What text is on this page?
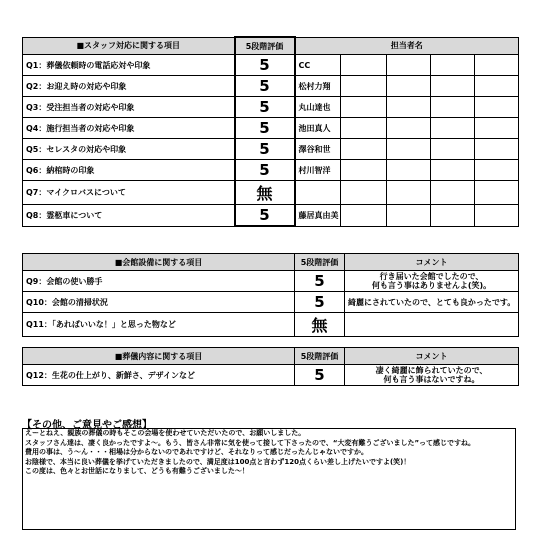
■スタッフ対応に関する項目	5段階評価	担当者名				
Q1：葬儀依頼時の電話応対や印象	5	CC				
Q2：お迎え時の対応や印象	5	松村力翔				
Q3：受注担当者の対応や印象	5	丸山達也				
Q4：施行担当者の対応や印象	5	池田真人				
Q5：セレスタの対応や印象	5	澤谷和世				
Q6：納棺時の印象	5	村川智洋				
Q7：マイクロバスについて	無					
Q8：霊柩車について	5	藤居真由美				
■会館設備に関する項目	5段階評価	コメント
Q9：会館の使い勝手	5	行き届いた会館でしたので、
何も言う事はありませんよ(笑)。

Q10：会館の清掃状況	5	綺麗にされていたので、とても良かったです。
Q11：「あればいいな！」と思った物など	無	
■葬儀内容に関する項目	5段階評価	コメント
Q12：生花の仕上がり、新鮮さ、デザインなど	5	凄く綺麗に飾られていたので、
何も言う事はないですね。
【その他、ご意見やご感想】
えーとねえ、親族の葬儀の時もそこの会場を使わせていただいたので、お願いしました。
スタッフさん達は、凄く良かったですよ～。もう、皆さん非常に気を使って接して下さったので、“大変有難うございました”って感じですね。
費用の事は、う～ん・・・相場は分からないのであれですけど、それなりって感じだったんじゃないですか。
お陰様で、本当に良い葬儀を挙げていただきましたので、満足度は100点と言わず120点くらい差し上げたいですよ(笑)！
この度は、色々とお世話になりまして、どうも有難うございました～！
